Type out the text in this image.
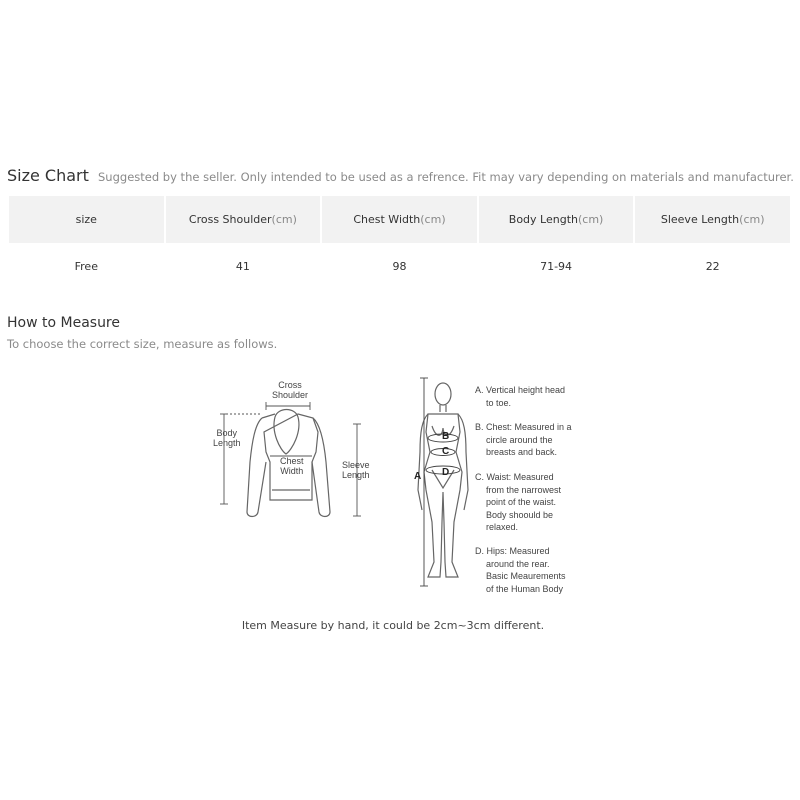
Size Chart Suggested by the seller. Only intended to be used as a refrence. Fit may vary depending on materials and manufacturer.
size	Cross Shoulder(cm)	Chest Width(cm)	Body Length(cm)	Sleeve Length(cm)
Free	41	98	71-94	22
How to Measure
To choose the correct size, measure as follows.
Cross
Shoulder
Body
Length
Chest
Width
Sleeve
Length	A
B
C
D
A. Vertical height head
to toe.
B. Chest: Measured in a
circle around the
breasts and back.
C. Waist: Measured
from the narrowest
point of the waist.
Body shoould be
relaxed.
D. Hips: Measured
around the rear.
Basic Meaurements
of the Human Body
Item Measure by hand, it could be 2cm~3cm different.
